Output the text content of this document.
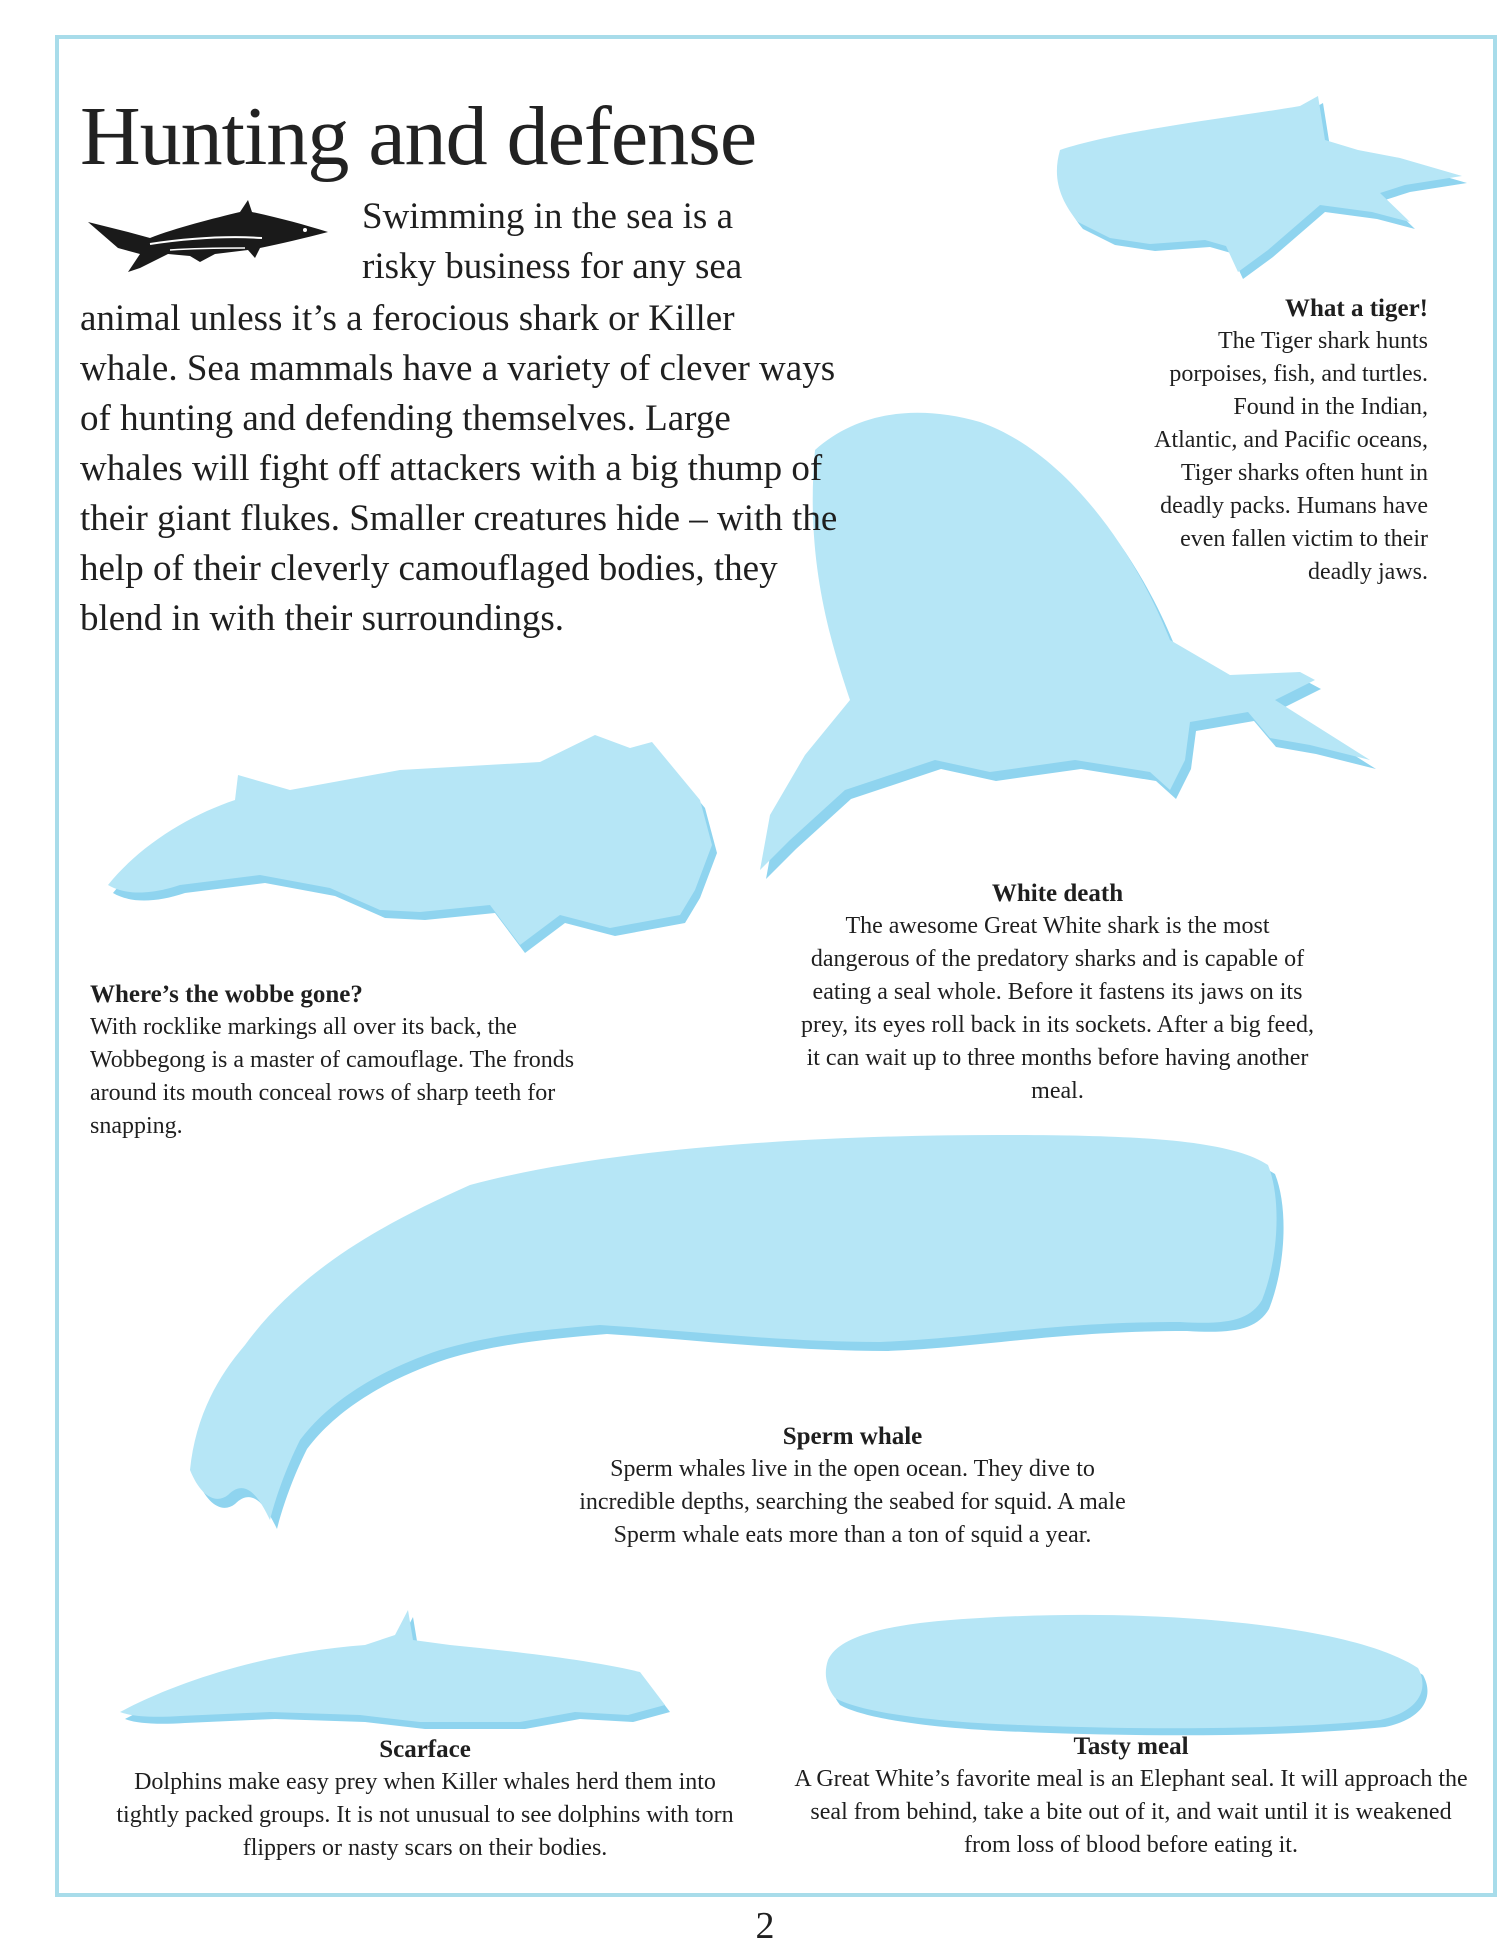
Hunting and defense

Swimming in the sea is a risky business for any sea

animal unless it’s a ferocious shark or Killer whale. Sea mammals have a variety of clever ways of hunting and defending themselves. Large whales will fight off attackers with a big thump of their giant flukes. Smaller creatures hide – with the help of their cleverly camouflaged bodies, they blend in with their surroundings.

What a tiger!
The Tiger shark hunts porpoises, fish, and turtles. Found in the Indian, Atlantic, and Pacific oceans, Tiger sharks often hunt in deadly packs. Humans have even fallen victim to their deadly jaws.
Where’s the wobbe gone?
With rocklike markings all over its back, the Wobbegong is a master of camouflage. The fronds around its mouth conceal rows of sharp teeth for snapping.
White death
The awesome Great White shark is the most dangerous of the predatory sharks and is capable of eating a seal whole. Before it fastens its jaws on its prey, its eyes roll back in its sockets. After a big feed, it can wait up to three months before having another meal.
Sperm whale
Sperm whales live in the open ocean. They dive to incredible depths, searching the seabed for squid. A male Sperm whale eats more than a ton of squid a year.
Scarface
Dolphins make easy prey when Killer whales herd them into tightly packed groups. It is not unusual to see dolphins with torn flippers or nasty scars on their bodies.
Tasty meal
A Great White’s favorite meal is an Elephant seal. It will approach the seal from behind, take a bite out of it, and wait until it is weakened from loss of blood before eating it.

2
